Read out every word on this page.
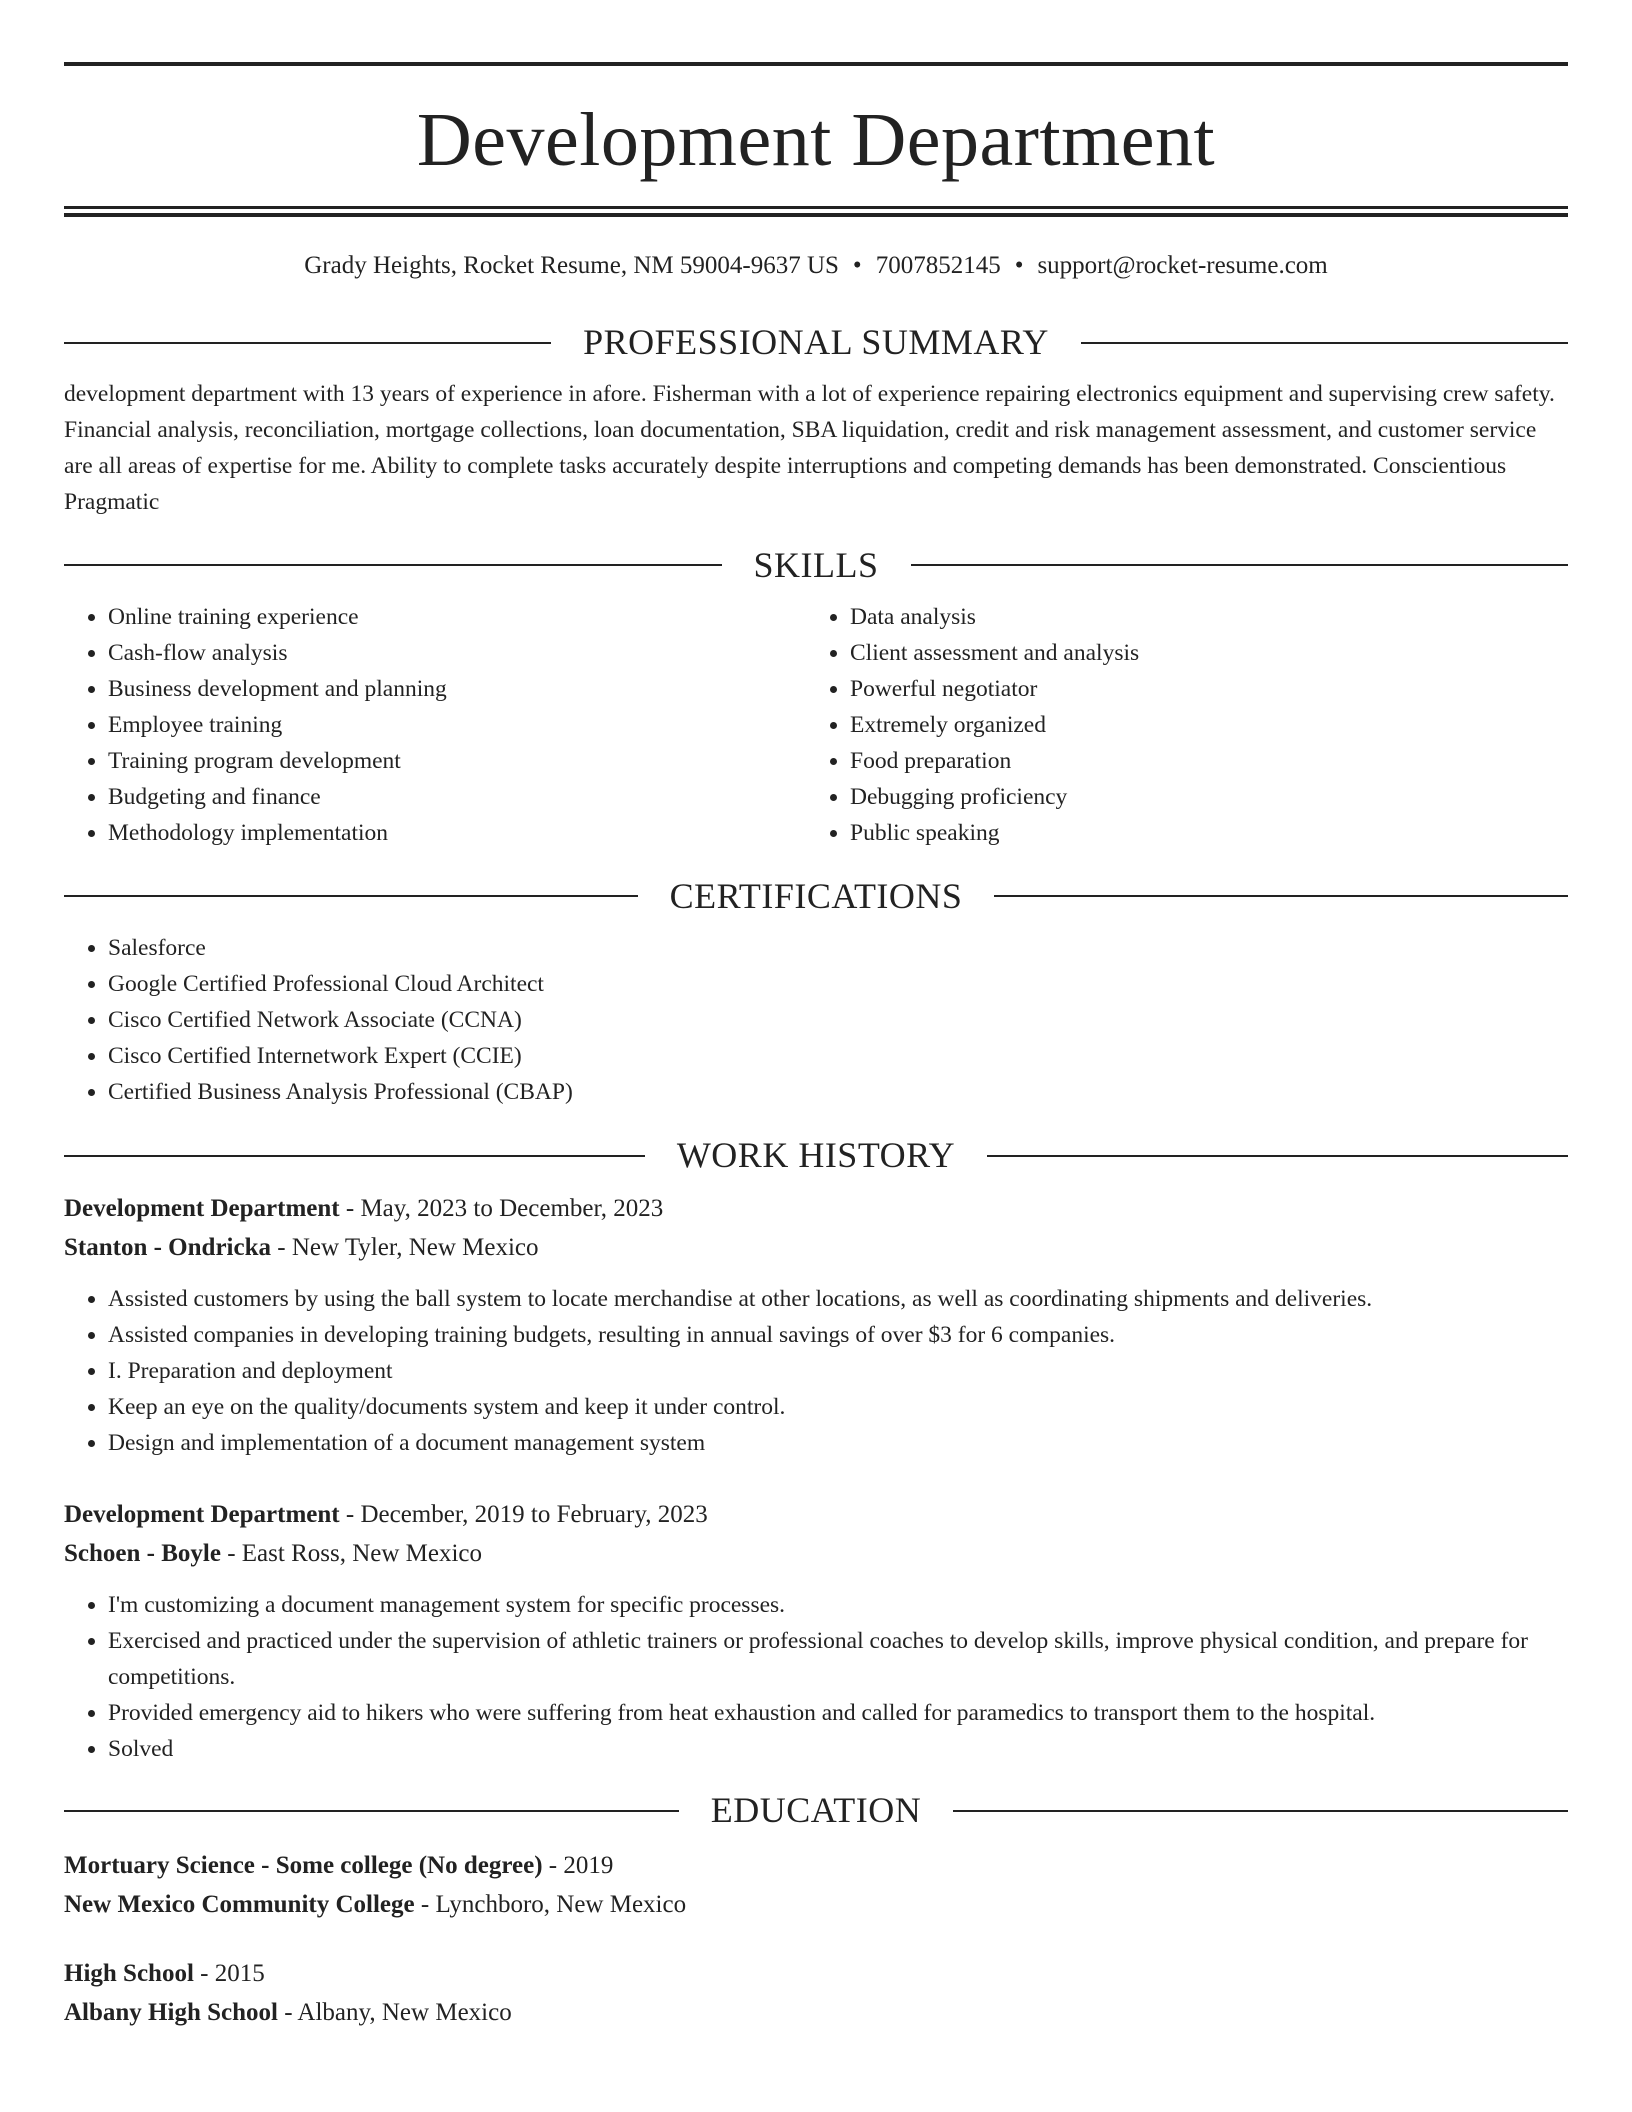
Development Department
Grady Heights, Rocket Resume, NM 59004-9637 US • 7007852145 • support@rocket-resume.com
PROFESSIONAL SUMMARY

development department with 13 years of experience in afore. Fisherman with a lot of experience repairing electronics equipment and supervising crew safety. Financial analysis, reconciliation, mortgage collections, loan documentation, SBA liquidation, credit and risk management assessment, and customer service are all areas of expertise for me. Ability to complete tasks accurately despite interruptions and competing demands has been demonstrated. Conscientious Pragmatic

SKILLS
• Online training experience
• Cash-flow analysis
• Business development and planning
• Employee training
• Training program development
• Budgeting and finance
• Methodology implementation
• Data analysis
• Client assessment and analysis
• Powerful negotiator
• Extremely organized
• Food preparation
• Debugging proficiency
• Public speaking
CERTIFICATIONS
• Salesforce
• Google Certified Professional Cloud Architect
• Cisco Certified Network Associate (CCNA)
• Cisco Certified Internetwork Expert (CCIE)
• Certified Business Analysis Professional (CBAP)
WORK HISTORY
Development Department - May, 2023 to December, 2023
Stanton - Ondricka - New Tyler, New Mexico
• Assisted customers by using the ball system to locate merchandise at other locations, as well as coordinating shipments and deliveries.
• Assisted companies in developing training budgets, resulting in annual savings of over $3 for 6 companies.
• I. Preparation and deployment
• Keep an eye on the quality/documents system and keep it under control.
• Design and implementation of a document management system
Development Department - December, 2019 to February, 2023
Schoen - Boyle - East Ross, New Mexico
• I'm customizing a document management system for specific processes.
• Exercised and practiced under the supervision of athletic trainers or professional coaches to develop skills, improve physical condition, and prepare for competitions.
• Provided emergency aid to hikers who were suffering from heat exhaustion and called for paramedics to transport them to the hospital.
• Solved
EDUCATION
Mortuary Science - Some college (No degree) - 2019
New Mexico Community College - Lynchboro, New Mexico
High School - 2015
Albany High School - Albany, New Mexico
